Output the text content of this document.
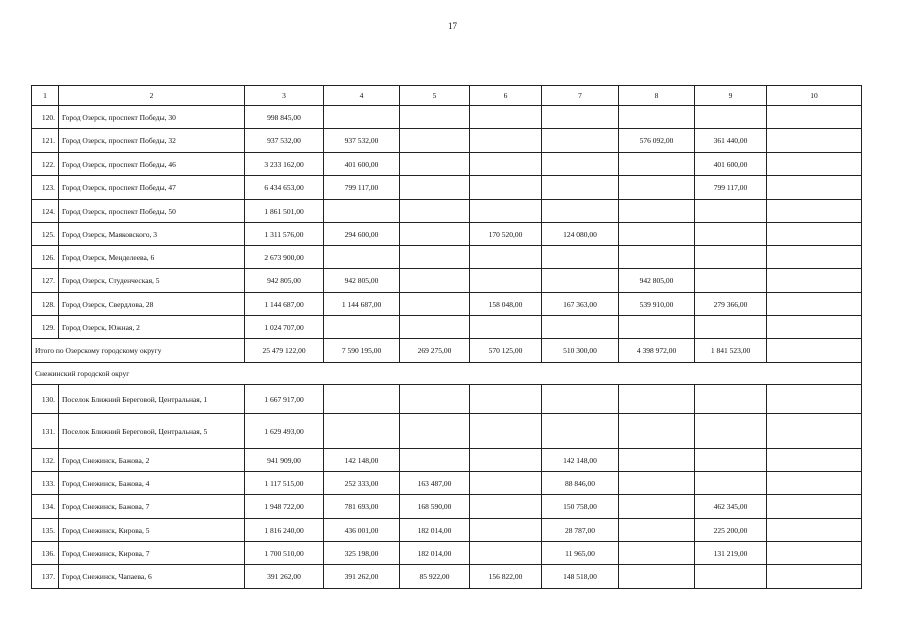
17
1	2	3	4	5	6	7	8	9	10
120.	Город Озерск, проспект Победы, 30	998 845,00							
121.	Город Озерск, проспект Победы, 32	937 532,00	937 532,00				576 092,00	361 440,00	
122.	Город Озерск, проспект Победы, 46	3 233 162,00	401 600,00					401 600,00	
123.	Город Озерск, проспект Победы, 47	6 434 653,00	799 117,00					799 117,00	
124.	Город Озерск, проспект Победы, 50	1 861 501,00							
125.	Город Озерск, Маяковского, 3	1 311 576,00	294 600,00		170 520,00	124 080,00			
126.	Город Озерск, Менделеева, 6	2 673 900,00							
127.	Город Озерск, Студенческая, 5	942 805,00	942 805,00				942 805,00		
128.	Город Озерск, Свердлова, 28	1 144 687,00	1 144 687,00		158 048,00	167 363,00	539 910,00	279 366,00	
129.	Город Озерск, Южная, 2	1 024 707,00							
Итого по Озерскому городскому округу		25 479 122,00	7 590 195,00	269 275,00	570 125,00	510 300,00	4 398 972,00	1 841 523,00	
Снежинский городской округ									
130.	Поселок Ближний Береговой, Центральная, 1	1 667 917,00							
131.	Поселок Ближний Береговой, Центральная, 5	1 629 493,00							
132.	Город Снежинск, Бажова, 2	941 909,00	142 148,00			142 148,00			
133.	Город Снежинск, Бажова, 4	1 117 515,00	252 333,00	163 487,00		88 846,00			
134.	Город Снежинск, Бажова, 7	1 948 722,00	781 693,00	168 590,00		150 758,00		462 345,00	
135.	Город Снежинск, Кирова, 5	1 816 240,00	436 001,00	182 014,00		28 787,00		225 200,00	
136.	Город Снежинск, Кирова, 7	1 700 510,00	325 198,00	182 014,00		11 965,00		131 219,00	
137.	Город Снежинск, Чапаева, 6	391 262,00	391 262,00	85 922,00	156 822,00	148 518,00			
